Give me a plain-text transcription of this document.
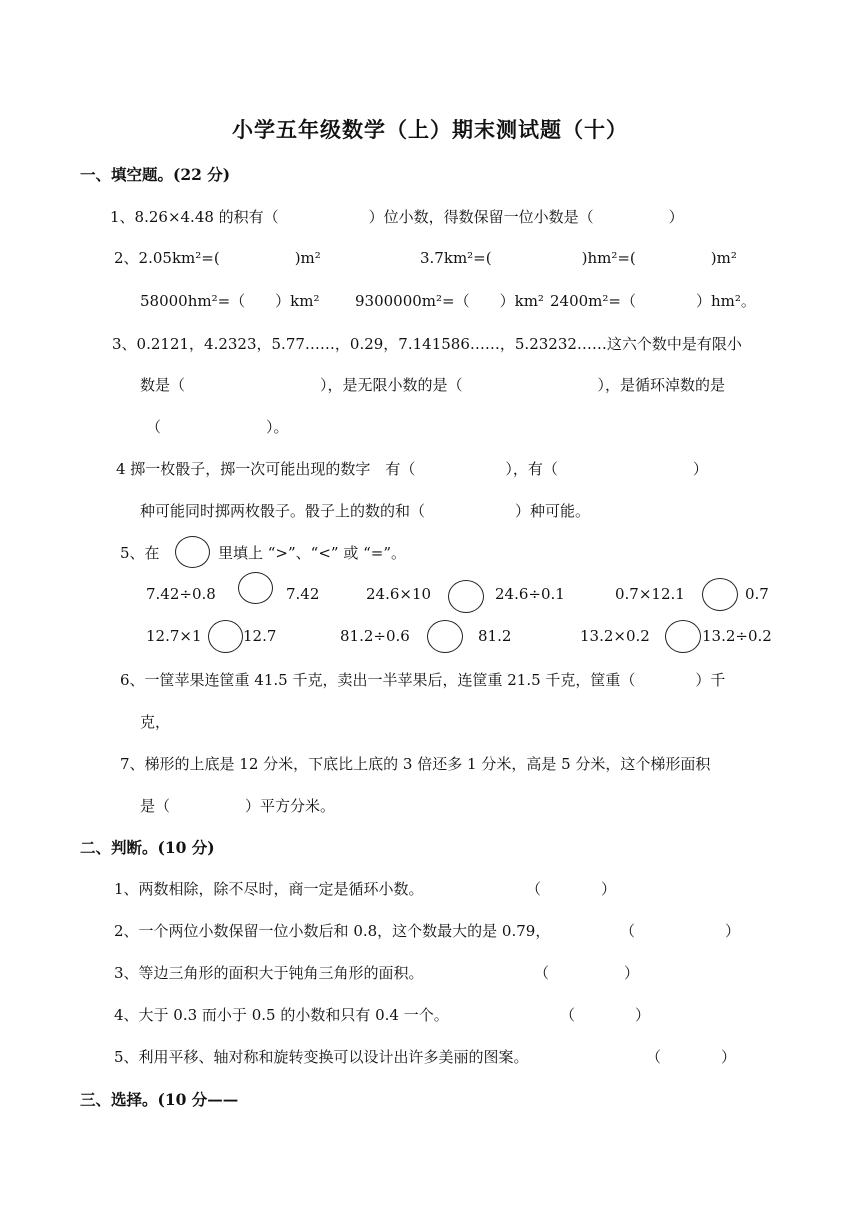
小学五年级数学（上）期末测试题（十）
一、填空题。(22 分)
1、8.26×4.48 的积有（　　　　　　）位小数，得数保留一位小数是（　　　　　）
2、2.05km²=(　　　　　)m²	3.7km²=(　　　　　　)hm²=(　　　　　)m²
58000hm²=（　　）km² 9300000m²=（　　）km² 2400m²=（　　　　）hm²。
3、0.2121，4.2323，5.77……，0.29，7.141586……，5.23232……这六个数中是有限小
数是（　　　　　　　　　），是无限小数的是（　　　　　　　　　），是循环淖数的是
（　　　　　　　）。
4 掷一枚骰子，掷一次可能出现的数字　有（　　　　　　），有（　　　　　　　　　）
种可能同时掷两枚骰子。骰子上的数的和（　　　　　　）种可能。
5、在	里填上 “>”、“<” 或 “=”。
7.42÷0.8	7.42	24.6×10	24.6÷0.1	0.7×12.1	0.7
12.7×1	12.7	81.2÷0.6	81.2	13.2×0.2	13.2÷0.2
6、一筐苹果连筐重 41.5 千克，卖出一半苹果后，连筐重 21.5 千克，筐重（　　　　）千
克，
7、梯形的上底是 12 分米，下底比上底的 3 倍还多 1 分米，高是 5 分米，这个梯形面积
是（　　　　　）平方分米。
二、判断。(10 分)
1、两数相除，除不尽时，商一定是循环小数。	（　　　　）
2、一个两位小数保留一位小数后和 0.8，这个数最大的是 0.79，	（　　　　　　）
3、等边三角形的面积大于钝角三角形的面积。	（　　　　　）
4、大于 0.3 而小于 0.5 的小数和只有 0.4 一个。	（　　　　）
5、利用平移、轴对称和旋转变换可以设计出许多美丽的图案。	（　　　　）
三、选择。(10 分——
